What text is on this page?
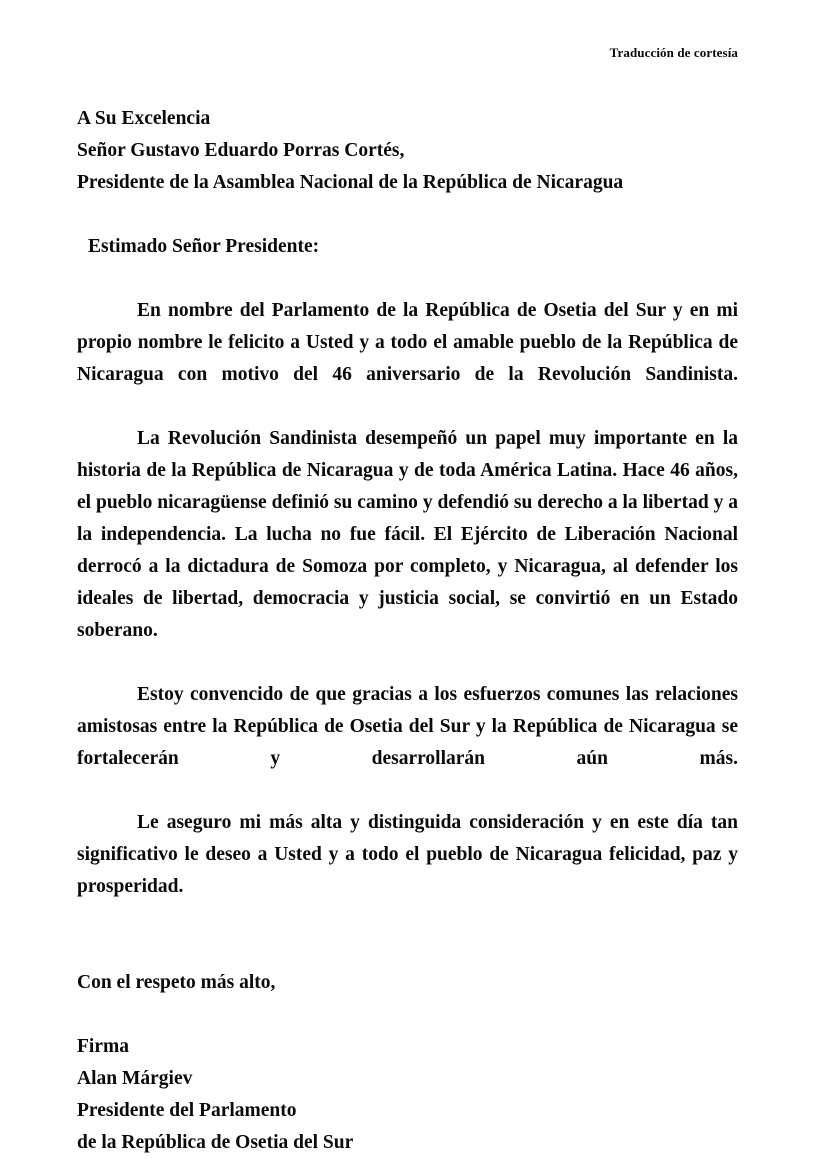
Traducción de cortesía
A Su Excelencia
Señor Gustavo Eduardo Porras Cortés,
Presidente de la Asamblea Nacional de la República de Nicaragua

Estimado Señor Presidente:

En nombre del Parlamento de la República de Osetia del Sur y en mi propio nombre le felicito a Usted y a todo el amable pueblo de la República de Nicaragua con motivo del 46 aniversario de la Revolución Sandinista.

La Revolución Sandinista desempeñó un papel muy importante en la historia de la República de Nicaragua y de toda América Latina. Hace 46 años, el pueblo nicaragüense definió su camino y defendió su derecho a la libertad y a la independencia. La lucha no fue fácil. El Ejército de Liberación Nacional derrocó a la dictadura de Somoza por completo, y Nicaragua, al defender los ideales de libertad, democracia y justicia social, se convirtió en un Estado soberano.

Estoy convencido de que gracias a los esfuerzos comunes las relaciones amistosas entre la República de Osetia del Sur y la República de Nicaragua se fortalecerán y desarrollarán aún más.

Le aseguro mi más alta y distinguida consideración y en este día tan significativo le deseo a Usted y a todo el pueblo de Nicaragua felicidad, paz y prosperidad.

Con el respeto más alto,

Firma
Alan Márgiev
Presidente del Parlamento
de la República de Osetia del Sur
